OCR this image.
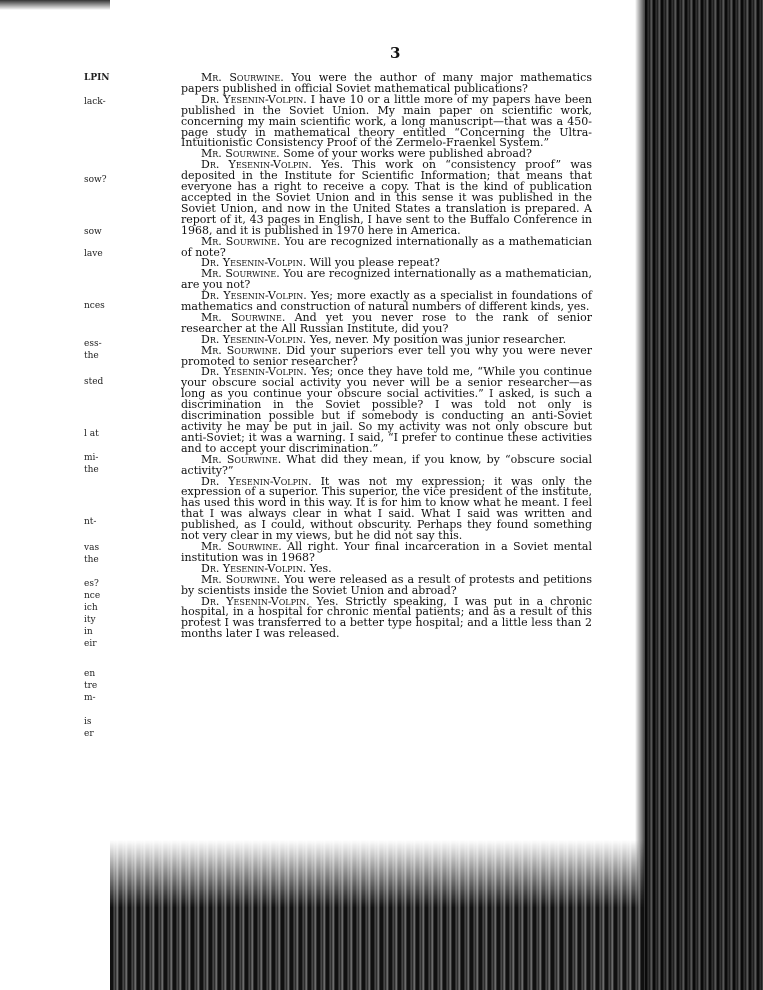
LPIN
lack-
sow?
sow
lave
nces
ess-
the
sted
l at
mi-
the
nt-
vas
the
es?
nce
ich
ity
in
eir
en
tre
m-
is
er
3

Mr. Sourwine. You were the author of many major mathematics papers published in official Soviet mathematical publications?

Dr. Yesenin-Volpin. I have 10 or a little more of my papers have been published in the Soviet Union. My main paper on scientific work, concerning my main scientific work, a long manuscript—that was a 450-page study in mathematical theory entitled “Concerning the Ultra-Intuitionistic Consistency Proof of the Zermelo-Fraenkel System.”

Mr. Sourwine. Some of your works were published abroad?

Dr. Yesenin-Volpin. Yes. This work on “consistency proof” was deposited in the Institute for Scientific Information; that means that everyone has a right to receive a copy. That is the kind of publication accepted in the Soviet Union and in this sense it was published in the Soviet Union, and now in the United States a translation is prepared. A report of it, 43 pages in English, I have sent to the Buffalo Conference in 1968, and it is published in 1970 here in America.

Mr. Sourwine. You are recognized internationally as a mathematician of note?

Dr. Yesenin-Volpin. Will you please repeat?

Mr. Sourwine. You are recognized internationally as a mathematician, are you not?

Dr. Yesenin-Volpin. Yes; more exactly as a specialist in foundations of mathematics and construction of natural numbers of different kinds, yes.

Mr. Sourwine. And yet you never rose to the rank of senior researcher at the All Russian Institute, did you?

Dr. Yesenin-Volpin. Yes, never. My position was junior researcher.

Mr. Sourwine. Did your superiors ever tell you why you were never promoted to senior researcher?

Dr. Yesenin-Volpin. Yes; once they have told me, “While you continue your obscure social activity you never will be a senior researcher—as long as you continue your obscure social activities.” I asked, is such a discrimination in the Soviet possible? I was told not only is discrimination possible but if somebody is conducting an anti-Soviet activity he may be put in jail. So my activity was not only obscure but anti-Soviet; it was a warning. I said, “I prefer to continue these activities and to accept your discrimination.”

Mr. Sourwine. What did they mean, if you know, by “obscure social activity?”

Dr. Yesenin-Volpin. It was not my expression; it was only the expression of a superior. This superior, the vice president of the institute, has used this word in this way. It is for him to know what he meant. I feel that I was always clear in what I said. What I said was written and published, as I could, without obscurity. Perhaps they found something not very clear in my views, but he did not say this.

Mr. Sourwine. All right. Your final incarceration in a Soviet mental institution was in 1968?

Dr. Yesenin-Volpin. Yes.

Mr. Sourwine. You were released as a result of protests and petitions by scientists inside the Soviet Union and abroad?

Dr. Yesenin-Volpin. Yes. Strictly speaking, I was put in a chronic hospital, in a hospital for chronic mental patients; and as a result of this protest I was transferred to a better type hospital; and a little less than 2 months later I was released.
